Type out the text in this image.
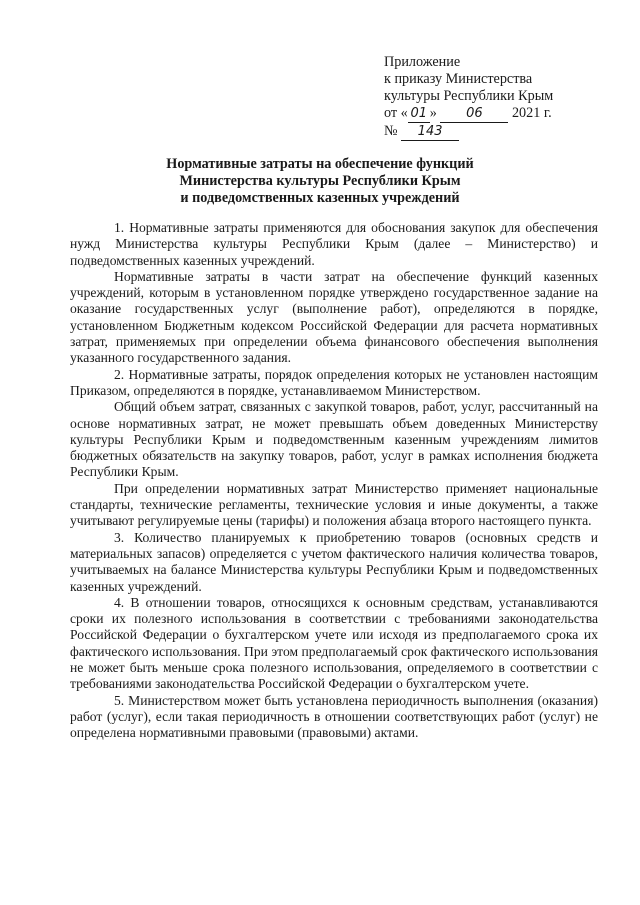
Приложение
к приказу Министерства
культуры Республики Крым
от « 01 » 06 2021 г.
№ 143
Нормативные затраты на обеспечение функций
Министерства культуры Республики Крым
и подведомственных казенных учреждений

1. Нормативные затраты применяются для обоснования закупок для обеспечения нужд Министерства культуры Республики Крым (далее – Министерство) и подведомственных казенных учреждений.

Нормативные затраты в части затрат на обеспечение функций казенных учреждений, которым в установленном порядке утверждено государственное задание на оказание государственных услуг (выполнение работ), определяются в порядке, установленном Бюджетным кодексом Российской Федерации для расчета нормативных затрат, применяемых при определении объема финансового обеспечения выполнения указанного государственного задания.

2. Нормативные затраты, порядок определения которых не установлен настоящим Приказом, определяются в порядке, устанавливаемом Министерством.

Общий объем затрат, связанных с закупкой товаров, работ, услуг, рассчитанный на основе нормативных затрат, не может превышать объем доведенных Министерству культуры Республики Крым и подведомственным казенным учреждениям лимитов бюджетных обязательств на закупку товаров, работ, услуг в рамках исполнения бюджета Республики Крым.

При определении нормативных затрат Министерство применяет национальные стандарты, технические регламенты, технические условия и иные документы, а также учитывают регулируемые цены (тарифы) и положения абзаца второго настоящего пункта.

3. Количество планируемых к приобретению товаров (основных средств и материальных запасов) определяется с учетом фактического наличия количества товаров, учитываемых на балансе Министерства культуры Республики Крым и подведомственных казенных учреждений.

4. В отношении товаров, относящихся к основным средствам, устанавливаются сроки их полезного использования в соответствии с требованиями законодательства Российской Федерации о бухгалтерском учете или исходя из предполагаемого срока их фактического использования. При этом предполагаемый срок фактического использования не может быть меньше срока полезного использования, определяемого в соответствии с требованиями законодательства Российской Федерации о бухгалтерском учете.

5. Министерством может быть установлена периодичность выполнения (оказания) работ (услуг), если такая периодичность в отношении соответствующих работ (услуг) не определена нормативными правовыми (правовыми) актами.
